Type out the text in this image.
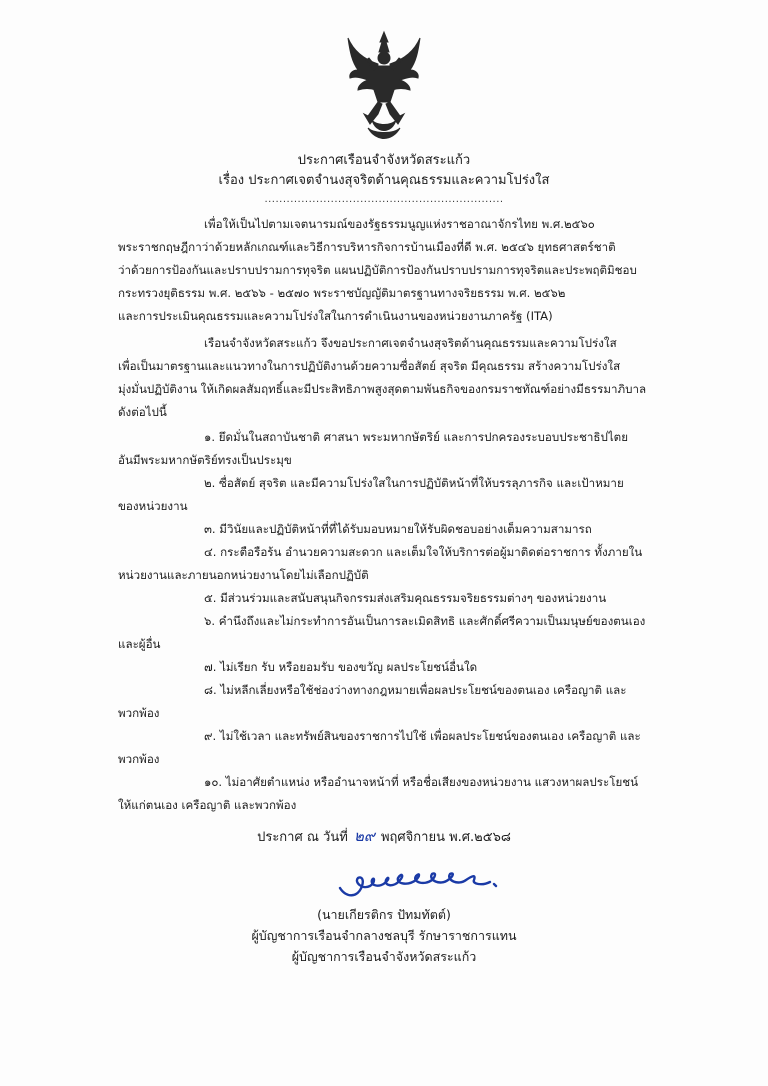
ประกาศเรือนจำจังหวัดสระแก้ว
เรื่อง ประกาศเจตจำนงสุจริตด้านคุณธรรมและความโปร่งใส
.................................................................
เพื่อให้เป็นไปตามเจตนารมณ์ของรัฐธรรมนูญแห่งราชอาณาจักรไทย พ.ศ.๒๕๖๐
พระราชกฤษฎีกาว่าด้วยหลักเกณฑ์และวิธีการบริหารกิจการบ้านเมืองที่ดี พ.ศ. ๒๕๔๖ ยุทธศาสตร์ชาติ
ว่าด้วยการป้องกันและปราบปรามการทุจริต แผนปฏิบัติการป้องกันปราบปรามการทุจริตและประพฤติมิชอบ
กระทรวงยุติธรรม พ.ศ. ๒๕๖๖ - ๒๕๗๐ พระราชบัญญัติมาตรฐานทางจริยธรรม พ.ศ. ๒๕๖๒
และการประเมินคุณธรรมและความโปร่งใสในการดำเนินงานของหน่วยงานภาครัฐ (ITA)
เรือนจำจังหวัดสระแก้ว จึงขอประกาศเจตจำนงสุจริตด้านคุณธรรมและความโปร่งใส
เพื่อเป็นมาตรฐานและแนวทางในการปฏิบัติงานด้วยความซื่อสัตย์ สุจริต มีคุณธรรม สร้างความโปร่งใส
มุ่งมั่นปฏิบัติงาน ให้เกิดผลสัมฤทธิ์และมีประสิทธิภาพสูงสุดตามพันธกิจของกรมราชทัณฑ์อย่างมีธรรมาภิบาล
ดังต่อไปนี้
๑. ยึดมั่นในสถาบันชาติ ศาสนา พระมหากษัตริย์ และการปกครองระบอบประชาธิปไตย
อันมีพระมหากษัตริย์ทรงเป็นประมุข
๒. ซื่อสัตย์ สุจริต และมีความโปร่งใสในการปฏิบัติหน้าที่ให้บรรลุภารกิจ และเป้าหมาย
ของหน่วยงาน
๓. มีวินัยและปฏิบัติหน้าที่ที่ได้รับมอบหมายให้รับผิดชอบอย่างเต็มความสามารถ
๔. กระตือรือร้น อำนวยความสะดวก และเต็มใจให้บริการต่อผู้มาติดต่อราชการ ทั้งภายใน
หน่วยงานและภายนอกหน่วยงานโดยไม่เลือกปฏิบัติ
๕. มีส่วนร่วมและสนับสนุนกิจกรรมส่งเสริมคุณธรรมจริยธรรมต่างๆ ของหน่วยงาน
๖. คำนึงถึงและไม่กระทำการอันเป็นการละเมิดสิทธิ และศักดิ์ศรีความเป็นมนุษย์ของตนเอง
และผู้อื่น
๗. ไม่เรียก รับ หรือยอมรับ ของขวัญ ผลประโยชน์อื่นใด
๘. ไม่หลีกเลี่ยงหรือใช้ช่องว่างทางกฎหมายเพื่อผลประโยชน์ของตนเอง เครือญาติ และ
พวกพ้อง
๙. ไม่ใช้เวลา และทรัพย์สินของราชการไปใช้ เพื่อผลประโยชน์ของตนเอง เครือญาติ และ
พวกพ้อง
๑๐. ไม่อาศัยตำแหน่ง หรืออำนาจหน้าที่ หรือชื่อเสียงของหน่วยงาน แสวงหาผลประโยชน์
ให้แก่ตนเอง เครือญาติ และพวกพ้อง
ประกาศ ณ วันที่ ๒๙ พฤศจิกายน พ.ศ.๒๕๖๘
(นายเกียรติกร ปัทมทัตต์)
ผู้บัญชาการเรือนจำกลางชลบุรี รักษาราชการแทน
ผู้บัญชาการเรือนจำจังหวัดสระแก้ว
